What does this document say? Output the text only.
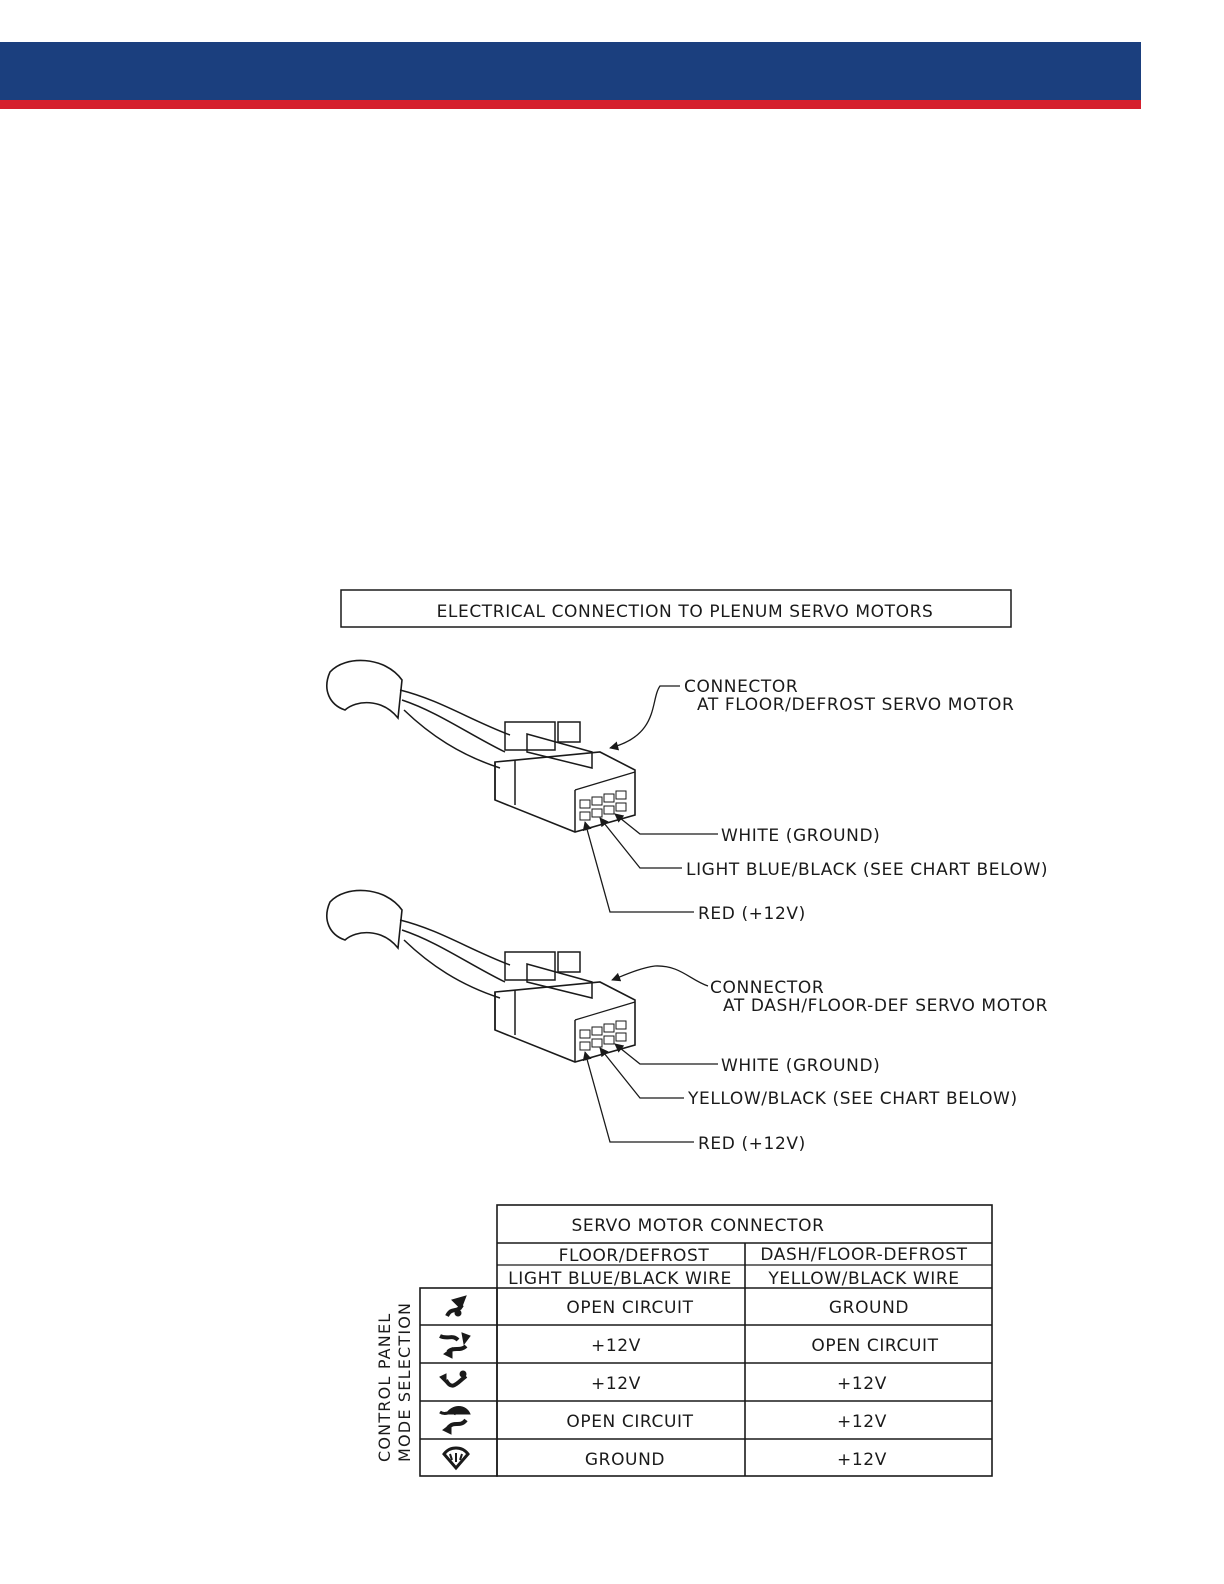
ELECTRICAL CONNECTION TO PLENUM SERVO MOTORS
CONNECTOR
AT FLOOR/DEFROST SERVO MOTOR
WHITE (GROUND)
LIGHT BLUE/BLACK (SEE CHART BELOW)
RED (+12V)
CONNECTOR
AT DASH/FLOOR-DEF SERVO MOTOR
WHITE (GROUND)
YELLOW/BLACK (SEE CHART BELOW)
RED (+12V)
SERVO MOTOR CONNECTOR
FLOOR/DEFROST
LIGHT BLUE/BLACK WIRE
DASH/FLOOR-DEFROST
YELLOW/BLACK WIRE
OPEN CIRCUIT	GROUND
+12V	OPEN CIRCUIT
+12V	+12V
OPEN CIRCUIT	+12V
GROUND	+12V
CONTROL PANEL MODE SELECTION
